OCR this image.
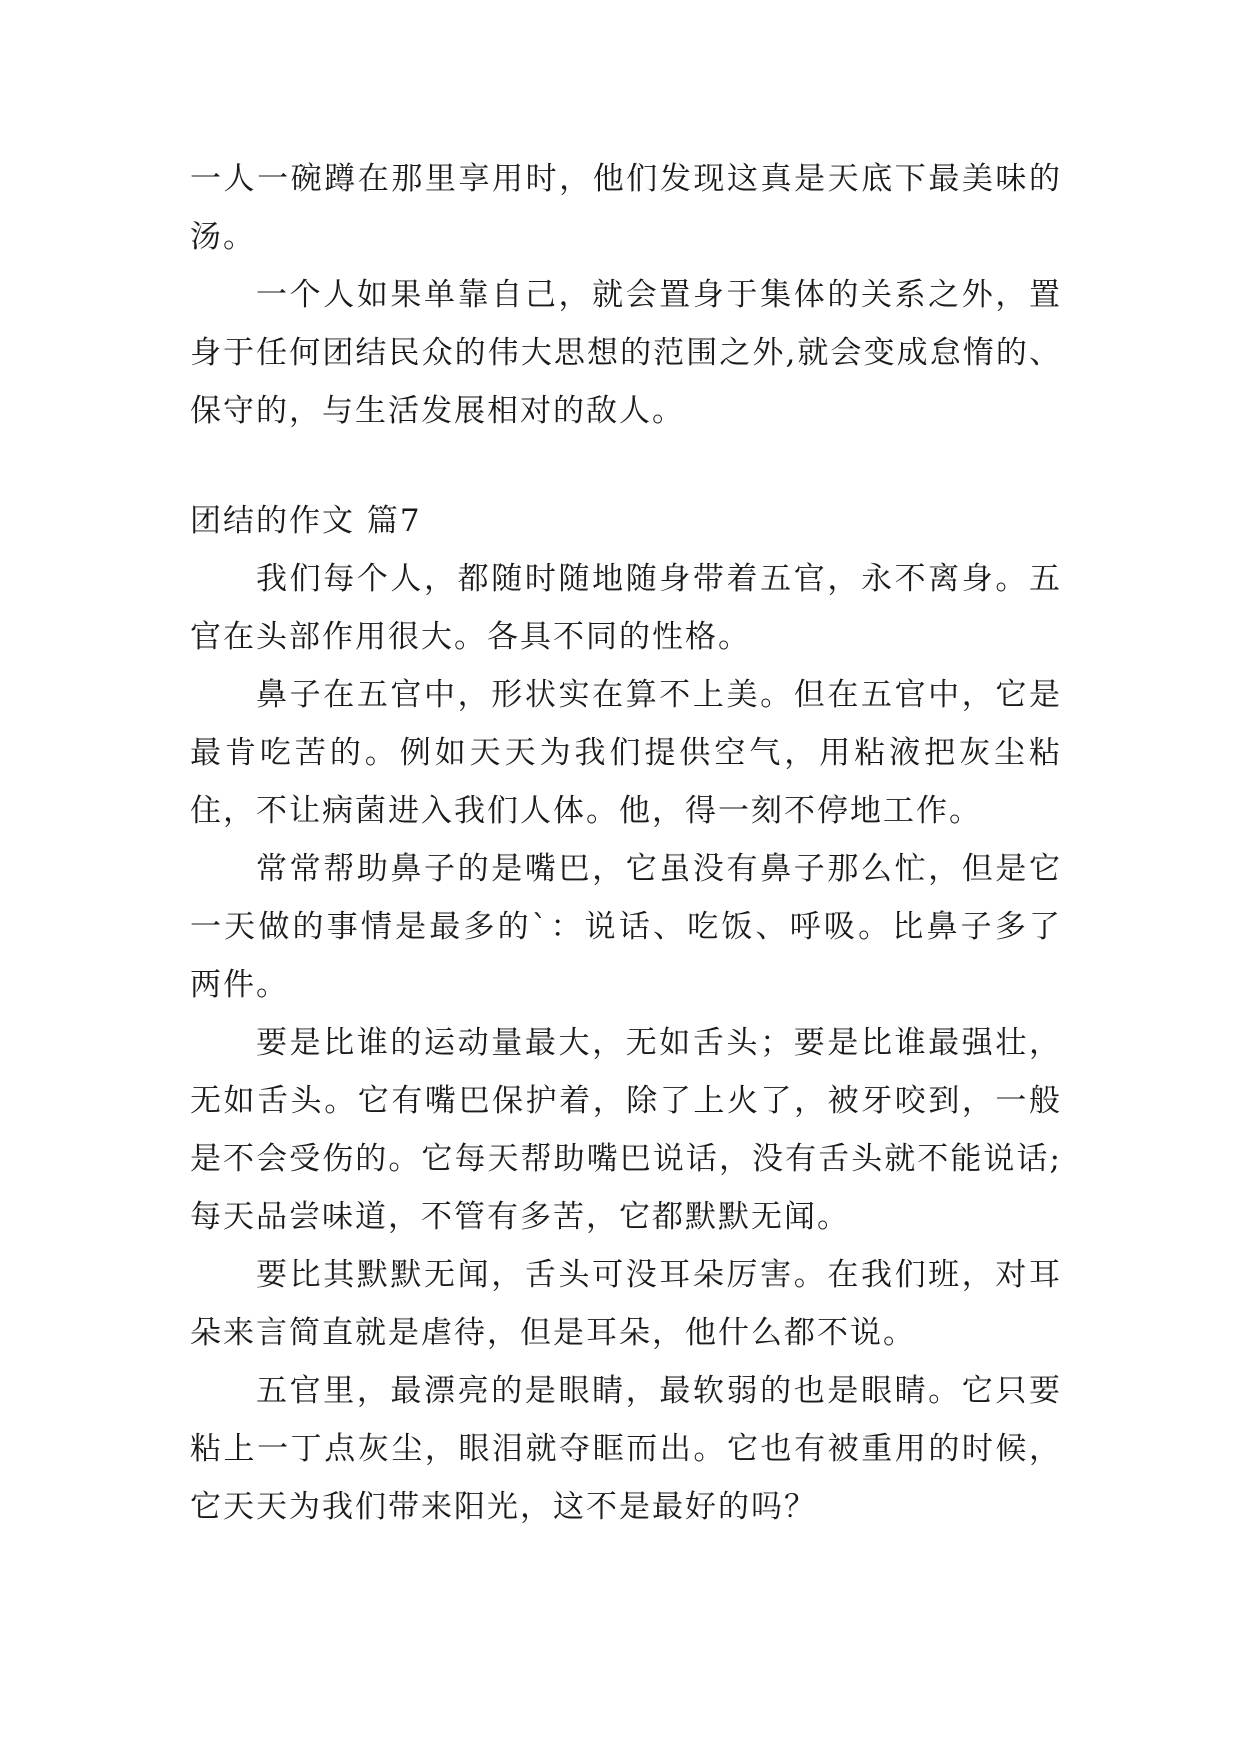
一人一碗蹲在那里享用时，他们发现这真是天底下最美味的汤。

一个人如果单靠自己，就会置身于集体的关系之外，置身于任何团结民众的伟大思想的范围之外,就会变成怠惰的、保守的，与生活发展相对的敌人。

团结的作文 篇7

我们每个人，都随时随地随身带着五官，永不离身。五官在头部作用很大。各具不同的性格。

鼻子在五官中，形状实在算不上美。但在五官中，它是最肯吃苦的。例如天天为我们提供空气，用粘液把灰尘粘住，不让病菌进入我们人体。他，得一刻不停地工作。

常常帮助鼻子的是嘴巴，它虽没有鼻子那么忙，但是它一天做的事情是最多的`：说话、吃饭、呼吸。比鼻子多了两件。

要是比谁的运动量最大，无如舌头；要是比谁最强壮，无如舌头。它有嘴巴保护着，除了上火了，被牙咬到，一般是不会受伤的。它每天帮助嘴巴说话，没有舌头就不能说话;每天品尝味道，不管有多苦，它都默默无闻。

要比其默默无闻，舌头可没耳朵厉害。在我们班，对耳朵来言简直就是虐待，但是耳朵，他什么都不说。

五官里，最漂亮的是眼睛，最软弱的也是眼睛。它只要粘上一丁点灰尘，眼泪就夺眶而出。它也有被重用的时候，它天天为我们带来阳光，这不是最好的吗？
